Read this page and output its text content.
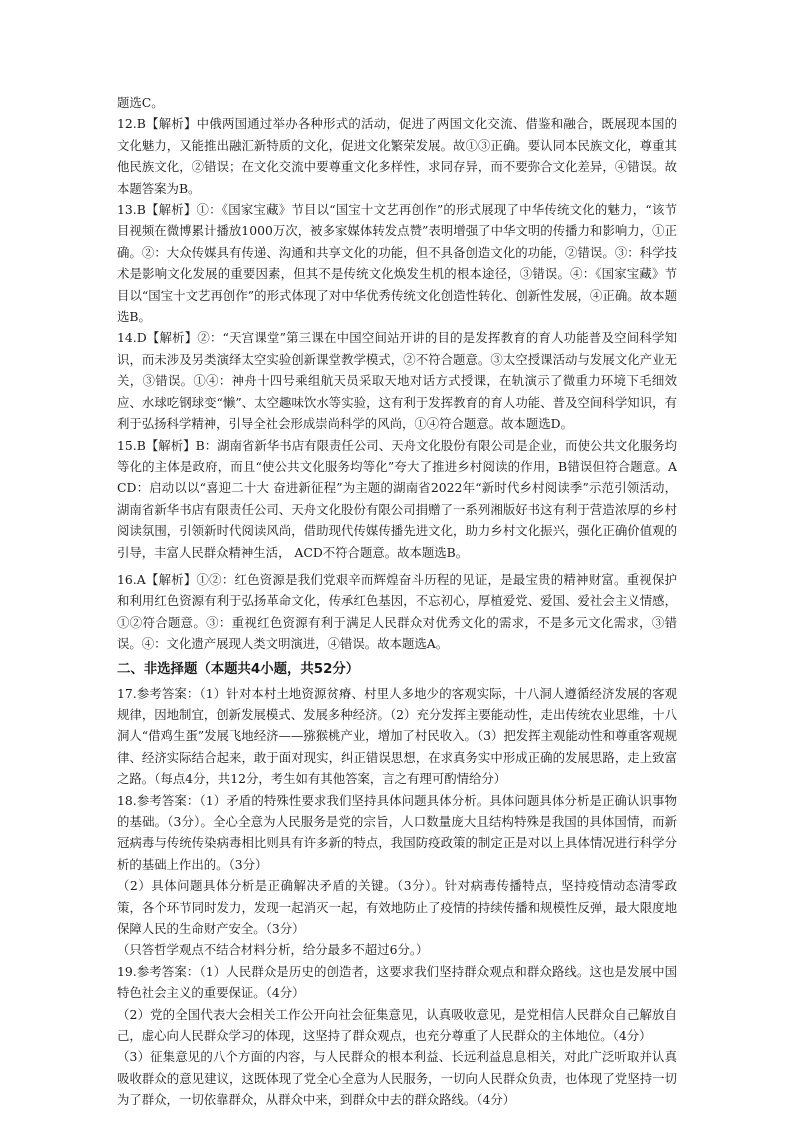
题选C。

12.B【解析】中俄两国通过举办各种形式的活动，促进了两国文化交流、借鉴和融合，既展现本国的文化魅力，又能推出融汇新特质的文化，促进文化繁荣发展。故①③正确。要认同本民族文化，尊重其他民族文化，②错误；在文化交流中要尊重文化多样性，求同存异，而不要弥合文化差异，④错误。故本题答案为B。

13.B【解析】①：《国家宝藏》节目以“国宝十文艺再创作”的形式展现了中华传统文化的魅力，“该节目视频在微博累计播放1000万次，被多家媒体转发点赞”表明增强了中华文明的传播力和影响力，①正确。②：大众传媒具有传递、沟通和共享文化的功能，但不具备创造文化的功能，②错误。③：科学技术是影响文化发展的重要因素，但其不是传统文化焕发生机的根本途径，③错误。④：《国家宝藏》节目以“国宝十文艺再创作”的形式体现了对中华优秀传统文化创造性转化、创新性发展，④正确。故本题选B。

14.D【解析】②：“天宫课堂”第三课在中国空间站开讲的目的是发挥教育的育人功能普及空间科学知识，而未涉及另类演绎太空实验创新课堂教学模式，②不符合题意。③太空授课活动与发展文化产业无关，③错误。①④：神舟十四号乘组航天员采取天地对话方式授课，在轨演示了微重力环境下毛细效应、水球吃钢球变“懒”、太空趣味饮水等实验，这有利于发挥教育的育人功能、普及空间科学知识，有利于弘扬科学精神，引导全社会形成崇尚科学的风尚，①④符合题意。故本题选D。

15.B【解析】B：湖南省新华书店有限责任公司、天舟文化股份有限公司是企业，而使公共文化服务均等化的主体是政府，而且“使公共文化服务均等化”夸大了推进乡村阅读的作用，B错误但符合题意。ACD：启动以以“喜迎二十大 奋进新征程”为主题的湖南省2022年“新时代乡村阅读季”示范引领活动，湖南省新华书店有限责任公司、天舟文化股份有限公司捐赠了一系列湘版好书这有利于营造浓厚的乡村阅读氛围，引领新时代阅读风尚，借助现代传媒传播先进文化，助力乡村文化振兴，强化正确价值观的引导，丰富人民群众精神生活， ACD不符合题意。故本题选B。

16.A【解析】①②：红色资源是我们党艰辛而辉煌奋斗历程的见证，是最宝贵的精神财富。重视保护和利用红色资源有利于弘扬革命文化，传承红色基因，不忘初心，厚植爱党、爱国、爱社会主义情感，①②符合题意。③：重视红色资源有利于满足人民群众对优秀文化的需求，不是多元文化需求，③错误。④：文化遗产展现人类文明演进，④错误。故本题选A。

二、非选择题（本题共4小题，共52分）

17.参考答案：（1）针对本村土地资源贫瘠、村里人多地少的客观实际，十八洞人遵循经济发展的客观规律，因地制宜，创新发展模式、发展多种经济。（2）充分发挥主要能动性，走出传统农业思维，十八洞人“借鸡生蛋”发展飞地经济——猕猴桃产业，增加了村民收入。（3）把发挥主观能动性和尊重客观规律、经济实际结合起来，敢于面对现实，纠正错误思想，在求真务实中形成正确的发展思路，走上致富之路。（每点4分，共12分，考生如有其他答案，言之有理可酌情给分）

18.参考答案：（1）矛盾的特殊性要求我们坚持具体问题具体分析。具体问题具体分析是正确认识事物的基础。（3分）。全心全意为人民服务是党的宗旨，人口数量庞大且结构特殊是我国的具体国情，而新冠病毒与传统传染病毒相比则具有许多新的特点，我国防疫政策的制定正是对以上具体情况进行科学分析的基础上作出的。（3分）

（2）具体问题具体分析是正确解决矛盾的关键。（3分）。针对病毒传播特点，坚持疫情动态清零政策，各个环节同时发力，发现一起消灭一起，有效地防止了疫情的持续传播和规模性反弹，最大限度地保障人民的生命财产安全。（3分）

（只答哲学观点不结合材料分析，给分最多不超过6分。）

19.参考答案：（1）人民群众是历史的创造者，这要求我们坚持群众观点和群众路线。这也是发展中国特色社会主义的重要保证。（4分）

（2）党的全国代表大会相关工作公开向社会征集意见，认真吸收意见，是党相信人民群众自己解放自己，虚心向人民群众学习的体现，这坚持了群众观点，也充分尊重了人民群众的主体地位。（4分）

（3）征集意见的八个方面的内容，与人民群众的根本利益、长远利益息息相关，对此广泛听取并认真吸收群众的意见建议，这既体现了党全心全意为人民服务，一切向人民群众负责，也体现了党坚持一切为了群众，一切依靠群众，从群众中来，到群众中去的群众路线。（4分）
